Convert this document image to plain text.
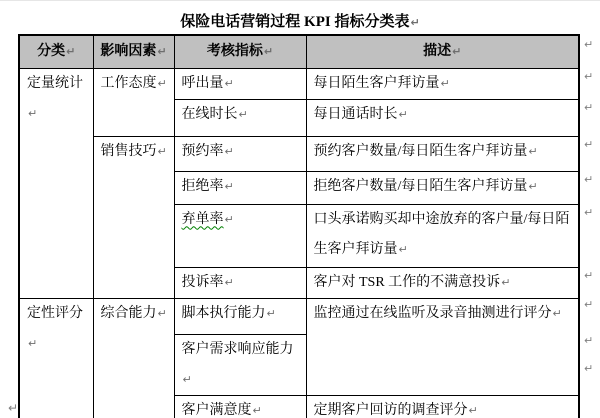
保险电话营销过程 KPI 指标分类表↵
分类↵	影响因素↵	考核指标↵	描述↵
定量统计↵	工作态度↵	呼出量↵	每日陌生客户拜访量↵
		在线时长↵	每日通话时长↵
	销售技巧↵	预约率↵	预约客户数量/每日陌生客户拜访量↵
		拒绝率↵	拒绝客户数量/每日陌生客户拜访量↵
		弃单率↵	口头承诺购买却中途放弃的客户量/每日陌生客户拜访量↵
		投诉率↵	客户对 TSR 工作的不满意投诉↵
定性评分↵	综合能力↵	脚本执行能力↵	监控通过在线监听及录音抽测进行评分↵
		客户需求响应能力↵	
		客户满意度↵	定期客户回访的调查评分↵
↵
↵
↵
↵
↵
↵
↵
↵
↵
↵
↵
